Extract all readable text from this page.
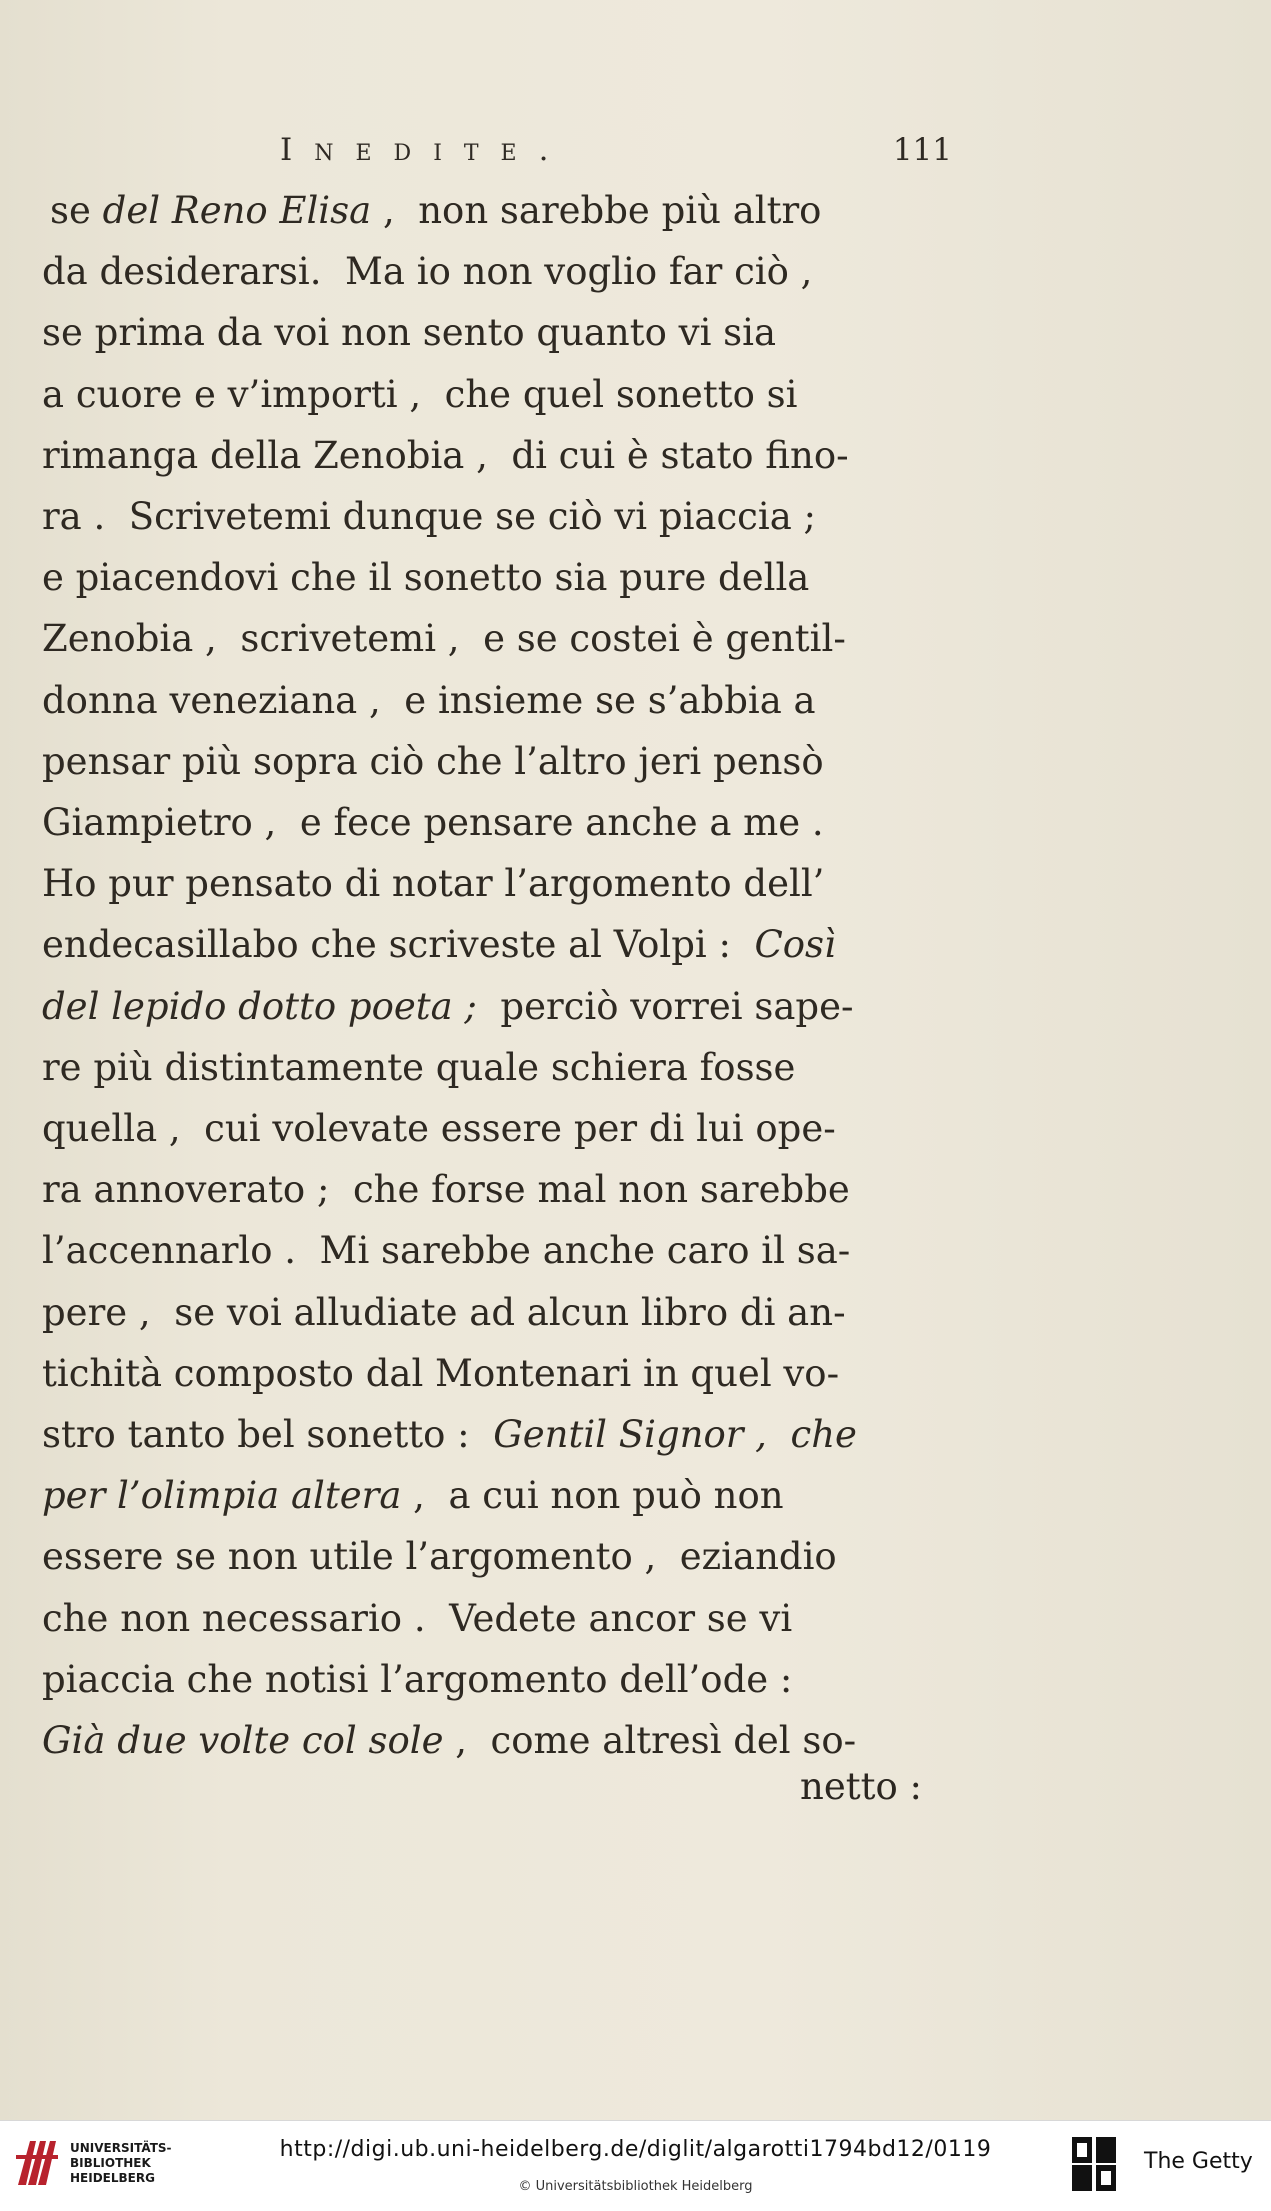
Inedite.	111
se del Reno Elisa ,  non sarebbe più altro
da desiderarsi.  Ma io non voglio far ciò ,
se prima da voi non sento quanto vi sia
a cuore e v’importi ,  che quel sonetto si
rimanga della Zenobia ,  di cui è stato fino-
ra .  Scrivetemi dunque se ciò vi piaccia ;
e piacendovi che il sonetto sia pure della
Zenobia ,  scrivetemi ,  e se costei è gentil-
donna veneziana ,  e insieme se s’abbia a
pensar più sopra ciò che l’altro jeri pensò
Giampietro ,  e fece pensare anche a me .
Ho pur pensato di notar l’argomento dell’
endecasillabo che scriveste al Volpi :  Così
del lepido dotto poeta ;  perciò vorrei sape-
re più distintamente quale schiera fosse
quella ,  cui volevate essere per di lui ope-
ra annoverato ;  che forse mal non sarebbe
l’accennarlo .  Mi sarebbe anche caro il sa-
pere ,  se voi alludiate ad alcun libro di an-
tichità composto dal Montenari in quel vo-
stro tanto bel sonetto :  Gentil Signor ,  che
per l’olimpia altera ,  a cui non può non
essere se non utile l’argomento ,  eziandio
che non necessario .  Vedete ancor se vi
piaccia che notisi l’argomento dell’ode :
Già due volte col sole ,  come altresì del so-
netto :
UNIVERSITÄTS-
BIBLIOTHEK
HEIDELBERG
http://digi.ub.uni-heidelberg.de/diglit/algarotti1794bd12/0119
© Universitätsbibliothek Heidelberg
The Getty
